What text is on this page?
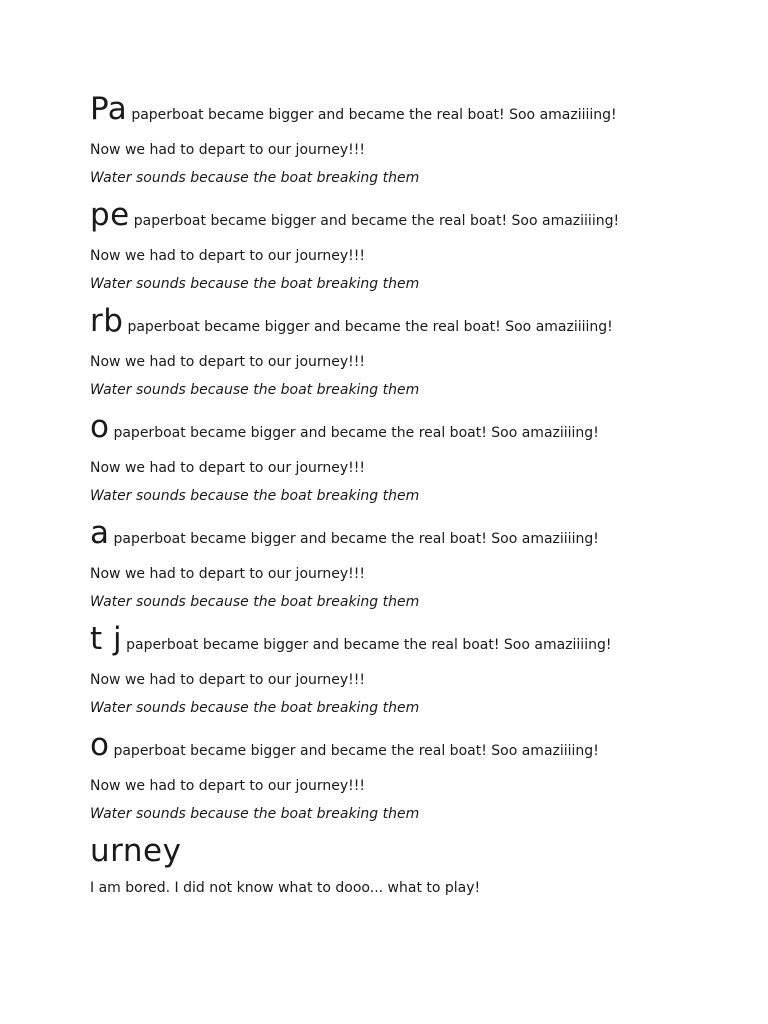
Pa paperboat became bigger and became the real boat! Soo amaziiiing!
Now we had to depart to our journey!!!
Water sounds because the boat breaking them
pe paperboat became bigger and became the real boat! Soo amaziiiing!
Now we had to depart to our journey!!!
Water sounds because the boat breaking them
rb paperboat became bigger and became the real boat! Soo amaziiiing!
Now we had to depart to our journey!!!
Water sounds because the boat breaking them
opaperboat became bigger and became the real boat! Soo amaziiiing!
Now we had to depart to our journey!!!
Water sounds because the boat breaking them
apaperboat became bigger and became the real boat! Soo amaziiiing!
Now we had to depart to our journey!!!
Water sounds because the boat breaking them
t j paperboat became bigger and became the real boat! Soo amaziiiing!
Now we had to depart to our journey!!!
Water sounds because the boat breaking them
opaperboat became bigger and became the real boat! Soo amaziiiing!
Now we had to depart to our journey!!!
Water sounds because the boat breaking them
urney
I am bored. I did not know what to dooo... what to play!
